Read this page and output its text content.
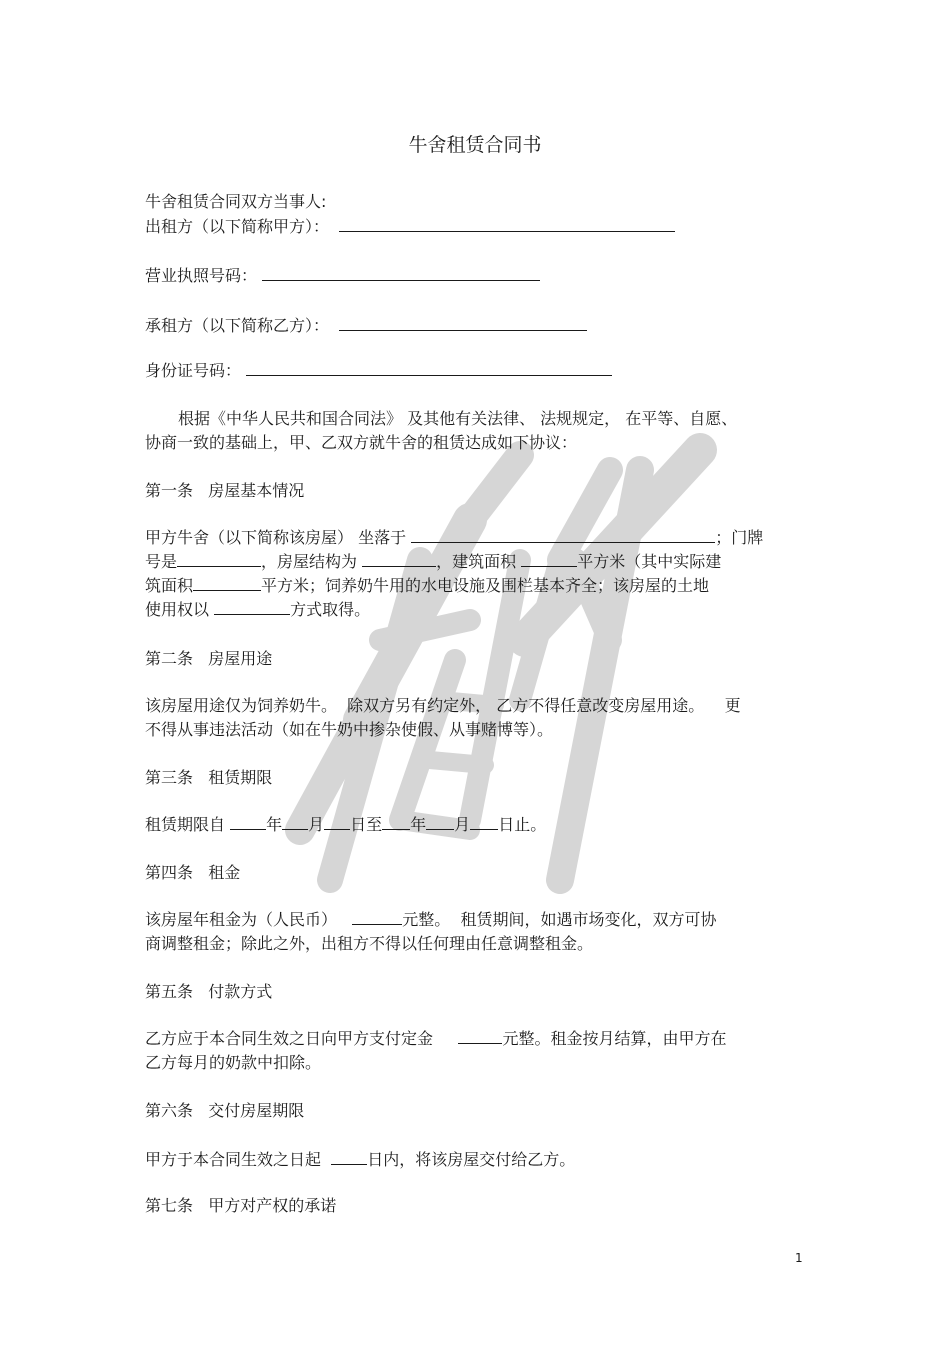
牛舍租赁合同书
牛舍租赁合同双方当事人:
出租方（以下简称甲方）：
营业执照号码：
承租方（以下简称乙方）：
身份证号码：
根据《中华人民共和国合同法》 及其他有关法律、 法规规定， 在平等、自愿、
协商一致的基础上，甲、乙双方就牛舍的租赁达成如下协议：
第一条   房屋基本情况
甲方牛舍（以下简称该房屋） 坐落于	；门牌
号是	，房屋结构为	，建筑面积	平方米（其中实际建
筑面积	平方米；饲养奶牛用的水电设施及围栏基本齐全；该房屋的土地
使用权以	方式取得。
第二条   房屋用途
该房屋用途仅为饲养奶牛。  除双方另有约定外， 乙方不得任意改变房屋用途。    更
不得从事违法活动（如在牛奶中掺杂使假、从事赌博等）。
第三条   租赁期限
租赁期限自	年 月 日至 年 月 日止。
第四条   租金
该房屋年租金为（人民币）	元整。  租赁期间，如遇市场变化，双方可协
商调整租金；除此之外，出租方不得以任何理由任意调整租金。
第五条   付款方式
乙方应于本合同生效之日向甲方支付定金	元整。租金按月结算，由甲方在
乙方每月的奶款中扣除。
第六条   交付房屋期限
甲方于本合同生效之日起	日内，将该房屋交付给乙方。
第七条   甲方对产权的承诺
1
